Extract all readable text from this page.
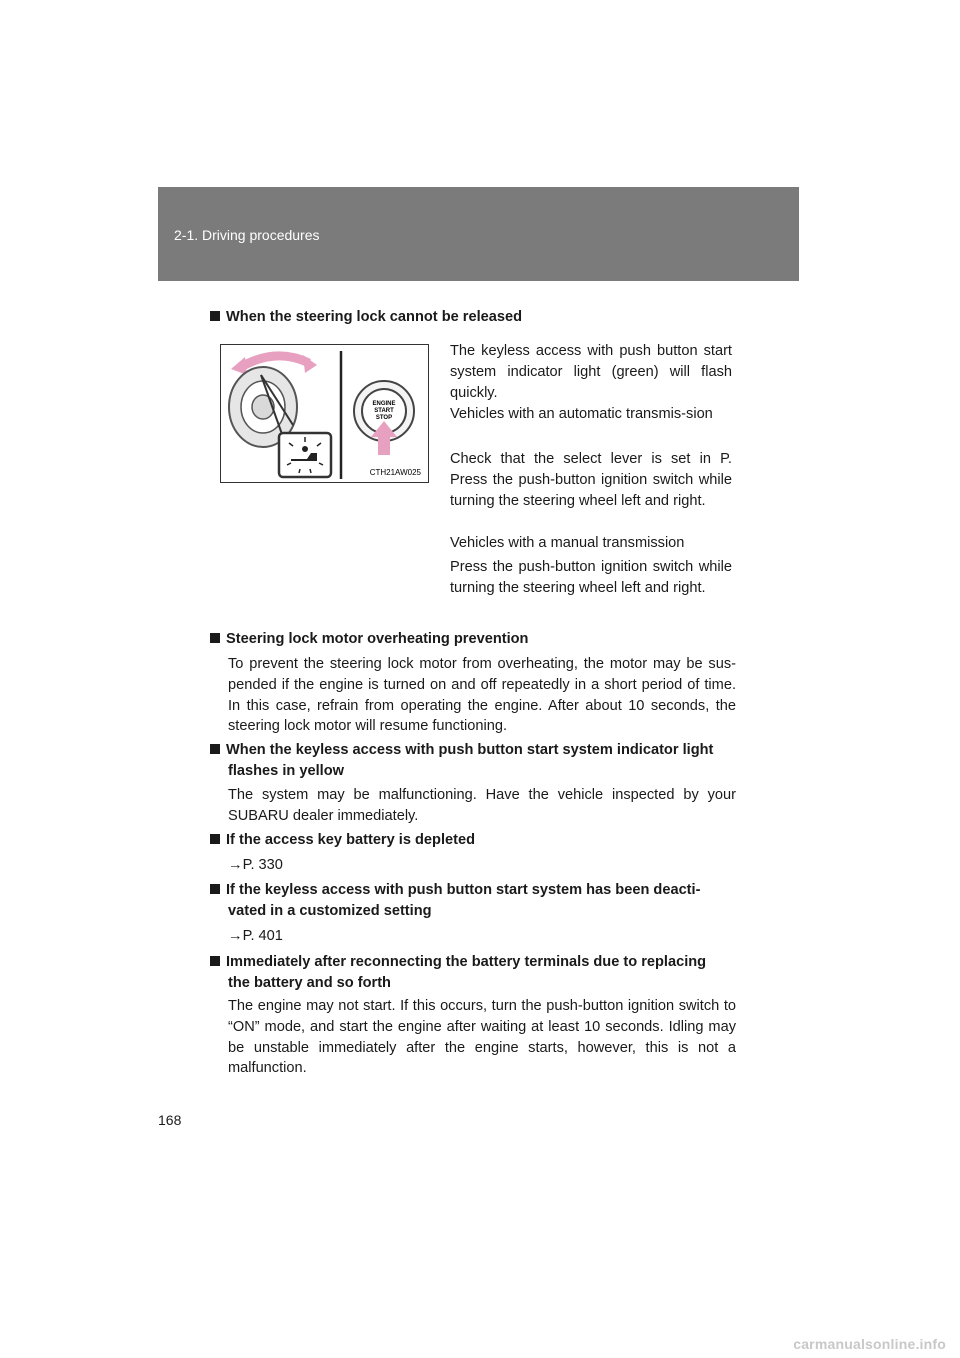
2-1. Driving procedures
When the steering lock cannot be released
ENGINE
START
STOP
CTH21AW025
The keyless access with push button start system indicator light (green) will flash quickly.
Vehicles with an automatic transmis-sion
Check that the select lever is set in P. Press the push-button ignition switch while turning the steering wheel left and right.
Vehicles with a manual transmission
Press the push-button ignition switch while turning the steering wheel left and right.
Steering lock motor overheating prevention
To prevent the steering lock motor from overheating, the motor may be sus-pended if the engine is turned on and off repeatedly in a short period of time. In this case, refrain from operating the engine. After about 10 seconds, the steering lock motor will resume functioning.
When the keyless access with push button start system indicator light
flashes in yellow
The system may be malfunctioning. Have the vehicle inspected by your SUBARU dealer immediately.
If the access key battery is depleted
→P. 330
If the keyless access with push button start system has been deacti-
vated in a customized setting
→P. 401
Immediately after reconnecting the battery terminals due to replacing
the battery and so forth
The engine may not start. If this occurs, turn the push-button ignition switch to “ON” mode, and start the engine after waiting at least 10 seconds. Idling may be unstable immediately after the engine starts, however, this is not a malfunction.
168
carmanualsonline.info
